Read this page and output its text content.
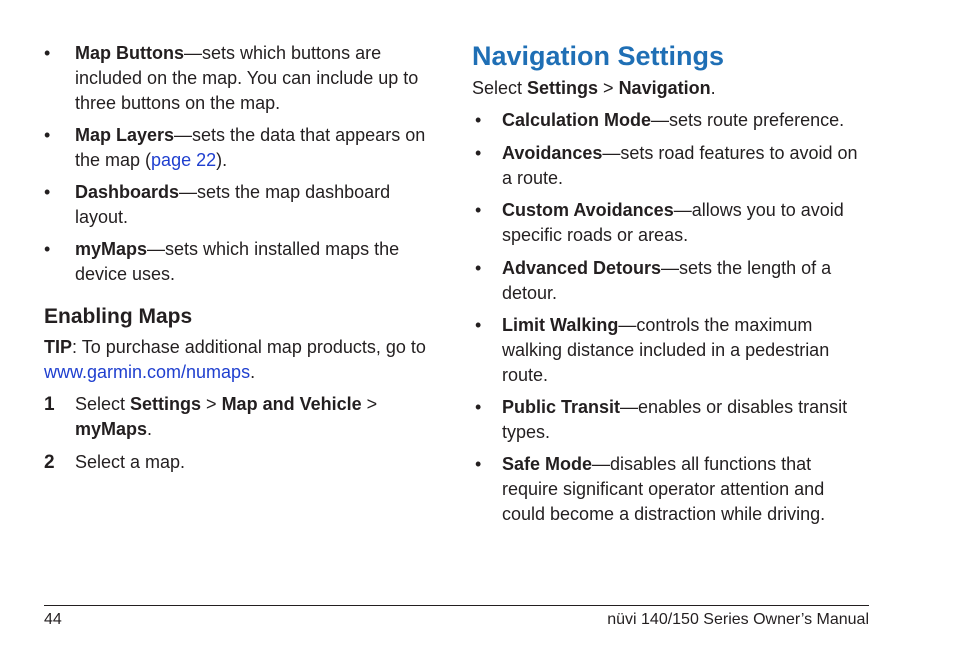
• Map Buttons—sets which buttons are included on the map. You can include up to three buttons on the map.
• Map Layers—sets the data that appears on the map (page 22).
• Dashboards—sets the map dashboard layout.
• myMaps—sets which installed maps the device uses.
Enabling Maps
TIP: To purchase additional map products, go to www.garmin.com/numaps.
1 Select Settings > Map and Vehicle > myMaps.
2 Select a map.
Navigation Settings
Select Settings > Navigation.
• Calculation Mode—sets route preference.
• Avoidances—sets road features to avoid on a route.
• Custom Avoidances—allows you to avoid specific roads or areas.
• Advanced Detours—sets the length of a detour.
• Limit Walking—controls the maximum walking distance included in a pedestrian route.
• Public Transit—enables or disables transit types.
• Safe Mode—disables all functions that require significant operator attention and could become a distraction while driving.
44	nüvi 140/150 Series Owner’s Manual
